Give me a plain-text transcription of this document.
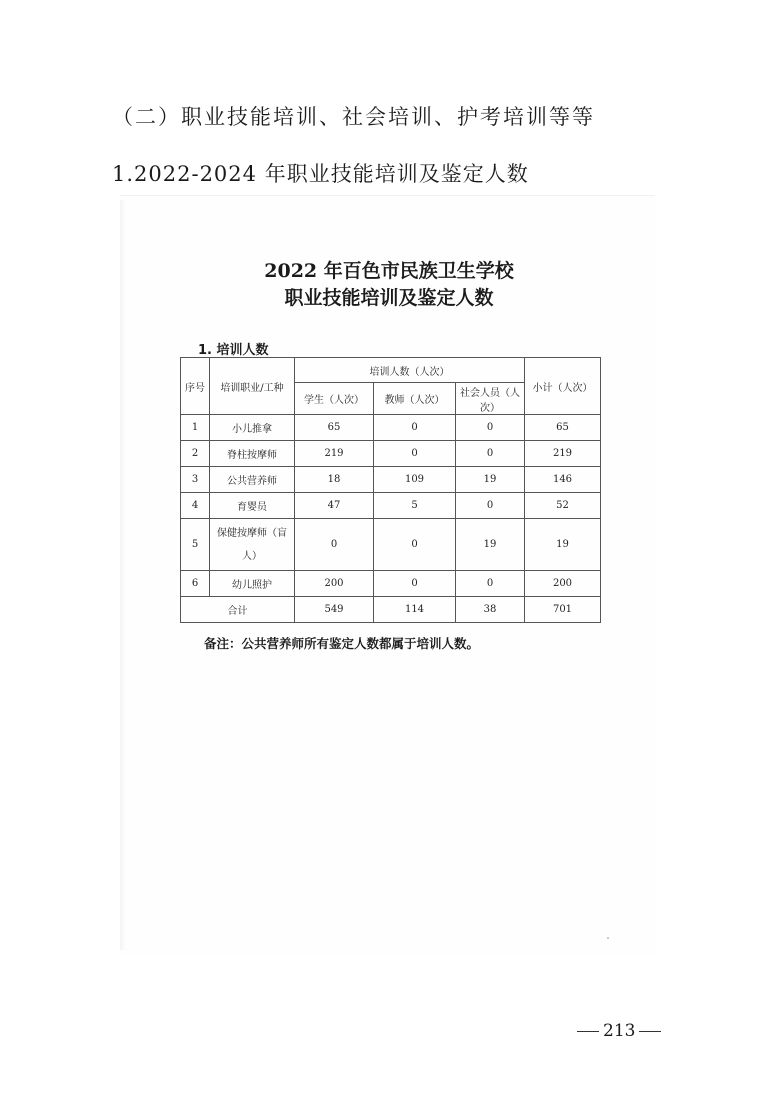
（二）职业技能培训、社会培训、护考培训等等
1.2022-2024 年职业技能培训及鉴定人数
2022 年百色市民族卫生学校
职业技能培训及鉴定人数
1. 培训人数
序号	培训职业/工种	培训人数（人次）			小计（人次）
		学生（人次）	教师（人次）	社会人员（人次）	
1	小儿推拿	65	0	0	65
2	脊柱按摩师	219	0	0	219
3	公共营养师	18	109	19	146
4	育婴员	47	5	0	52
5	保健按摩师（盲人）	0	0	19	19
6	幼儿照护	200	0	0	200
合计		549	114	38	701
备注：公共营养师所有鉴定人数都属于培训人数。
213
